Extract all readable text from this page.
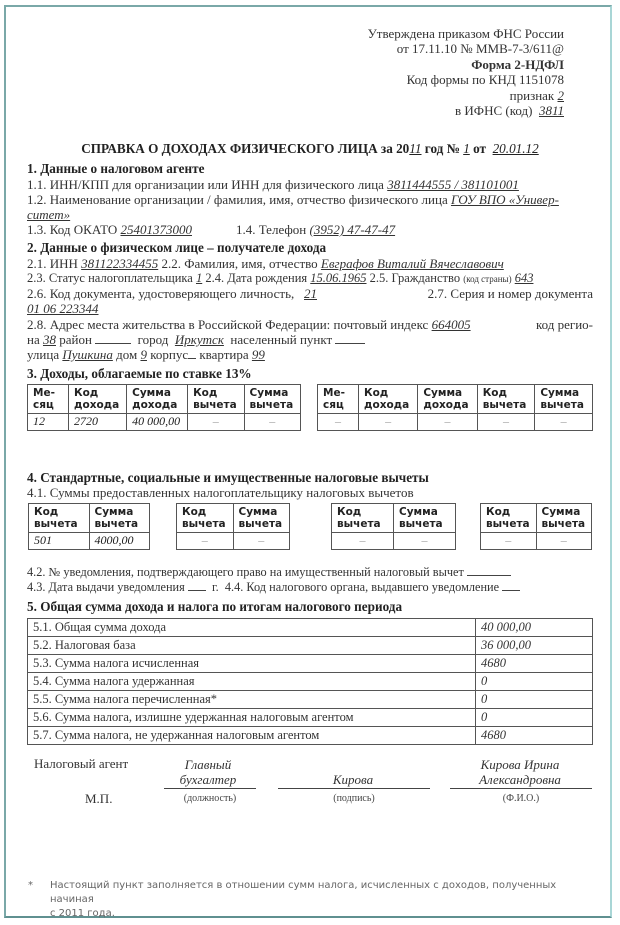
Утверждена приказом ФНС России
от 17.11.10 № ММВ-7-3/611@
Форма 2-НДФЛ
Код формы по КНД 1151078
признак 2
в ИФНС (код) 3811
СПРАВКА О ДОХОДАХ ФИЗИЧЕСКОГО ЛИЦА за 2011 год № 1 от  20.01.12
1. Данные о налоговом агенте
1.1. ИНН/КПП для организации или ИНН для физического лица 3811444555 / 381101001
1.2. Наименование организации / фамилия, имя, отчество физического лица ГОУ ВПО «Универ-
ситет»
1.3. Код ОКАТО 25401373000	1.4. Телефон (3952) 47-47-47
2. Данные о физическом лице – получателе дохода
2.1. ИНН 381122334455 2.2. Фамилия, имя, отчество Евграфов Виталий Вячеславович
2.3. Статус налогоплательщика 1 2.4. Дата рождения 15.06.1965 2.5. Гражданство (код страны) 643
2.6. Код документа, удостоверяющего личность, 21	2.7. Серия и номер документа
01 06 223344
2.8. Адрес места жительства в Российской Федерации: почтовый индекс 664005	код регио-
на 38 район	город Иркутск населенный пункт
улица Пушкина дом 9 корпус квартира 99
3. Доходы, облагаемые по ставке 13%
Ме-
сяц	Код
дохода	Сумма
дохода	Код
вычета	Сумма
вычета
12	2720	40 000,00	–	–
Ме-
сяц	Код
дохода	Сумма
дохода	Код
вычета	Сумма
вычета
–	–	–	–	–
4. Стандартные, социальные и имущественные налоговые вычеты
4.1. Суммы предоставленных налогоплательщику налоговых вычетов
Код
вычета	Сумма
вычета
501	4000,00
Код
вычета	Сумма
вычета
–	–
Код
вычета	Сумма
вычета
–	–
Код
вычета	Сумма
вычета
–	–
4.2. № уведомления, подтверждающего право на имущественный налоговый вычет
4.3. Дата выдачи уведомления г. 4.4. Код налогового органа, выдавшего уведомление
5. Общая сумма дохода и налога по итогам налогового периода
5.1. Общая сумма дохода	40 000,00
5.2. Налоговая база	36 000,00
5.3. Сумма налога исчисленная	4680
5.4. Сумма налога удержанная	0
5.5. Сумма налога перечисленная*	0
5.6. Сумма налога, излишне удержанная налоговым агентом	0
5.7. Сумма налога, не удержанная налоговым агентом	4680
Налоговый агент
М.П.
Главный
бухгалтер	Кирова
Кирова Ирина
Александровна
(должность)	(подпись)	(Ф.И.О.)
* Настоящий пункт заполняется в отношении сумм налога, исчисленных с доходов, полученных начиная
с 2011 года.
